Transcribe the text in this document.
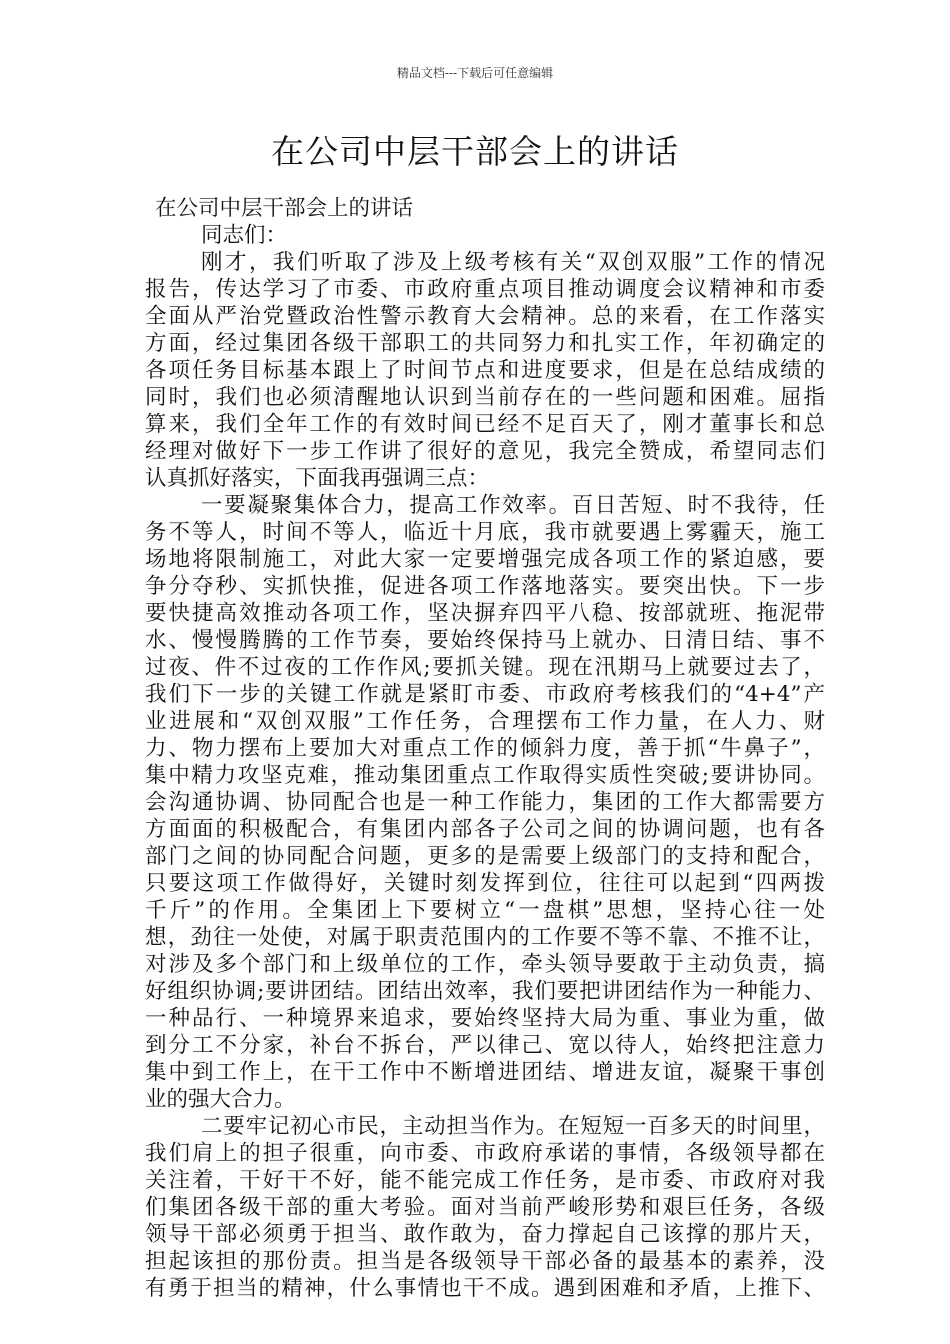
精品文档---下载后可任意编辑
在公司中层干部会上的讲话
在公司中层干部会上的讲话
同志们：
刚才，我们听取了涉及上级考核有关“双创双服”工作的情况
报告，传达学习了市委、市政府重点项目推动调度会议精神和市委
全面从严治党暨政治性警示教育大会精神。总的来看，在工作落实
方面，经过集团各级干部职工的共同努力和扎实工作，年初确定的
各项任务目标基本跟上了时间节点和进度要求，但是在总结成绩的
同时，我们也必须清醒地认识到当前存在的一些问题和困难。屈指
算来，我们全年工作的有效时间已经不足百天了，刚才董事长和总
经理对做好下一步工作讲了很好的意见，我完全赞成，希望同志们
认真抓好落实，下面我再强调三点：
一要凝聚集体合力，提高工作效率。百日苦短、时不我待，任
务不等人，时间不等人，临近十月底，我市就要遇上雾霾天，施工
场地将限制施工，对此大家一定要增强完成各项工作的紧迫感，要
争分夺秒、实抓快推，促进各项工作落地落实。要突出快。下一步
要快捷高效推动各项工作，坚决摒弃四平八稳、按部就班、拖泥带
水、慢慢腾腾的工作节奏，要始终保持马上就办、日清日结、事不
过夜、件不过夜的工作作风;要抓关键。现在汛期马上就要过去了，
我们下一步的关键工作就是紧盯市委、市政府考核我们的“4+4”产
业进展和“双创双服”工作任务，合理摆布工作力量，在人力、财
力、物力摆布上要加大对重点工作的倾斜力度，善于抓“牛鼻子”，
集中精力攻坚克难，推动集团重点工作取得实质性突破;要讲协同。
会沟通协调、协同配合也是一种工作能力，集团的工作大都需要方
方面面的积极配合，有集团内部各子公司之间的协调问题，也有各
部门之间的协同配合问题，更多的是需要上级部门的支持和配合，
只要这项工作做得好，关键时刻发挥到位，往往可以起到“四两拨
千斤”的作用。全集团上下要树立“一盘棋”思想，坚持心往一处
想，劲往一处使，对属于职责范围内的工作要不等不靠、不推不让，
对涉及多个部门和上级单位的工作，牵头领导要敢于主动负责，搞
好组织协调;要讲团结。团结出效率，我们要把讲团结作为一种能力、
一种品行、一种境界来追求，要始终坚持大局为重、事业为重，做
到分工不分家，补台不拆台，严以律己、宽以待人，始终把注意力
集中到工作上，在干工作中不断增进团结、增进友谊，凝聚干事创
业的强大合力。
二要牢记初心市民，主动担当作为。在短短一百多天的时间里，
我们肩上的担子很重，向市委、市政府承诺的事情，各级领导都在
关注着，干好干不好，能不能完成工作任务，是市委、市政府对我
们集团各级干部的重大考验。面对当前严峻形势和艰巨任务，各级
领导干部必须勇于担当、敢作敢为，奋力撑起自己该撑的那片天，
担起该担的那份责。担当是各级领导干部必备的最基本的素养，没
有勇于担当的精神，什么事情也干不成。遇到困难和矛盾，上推下、
